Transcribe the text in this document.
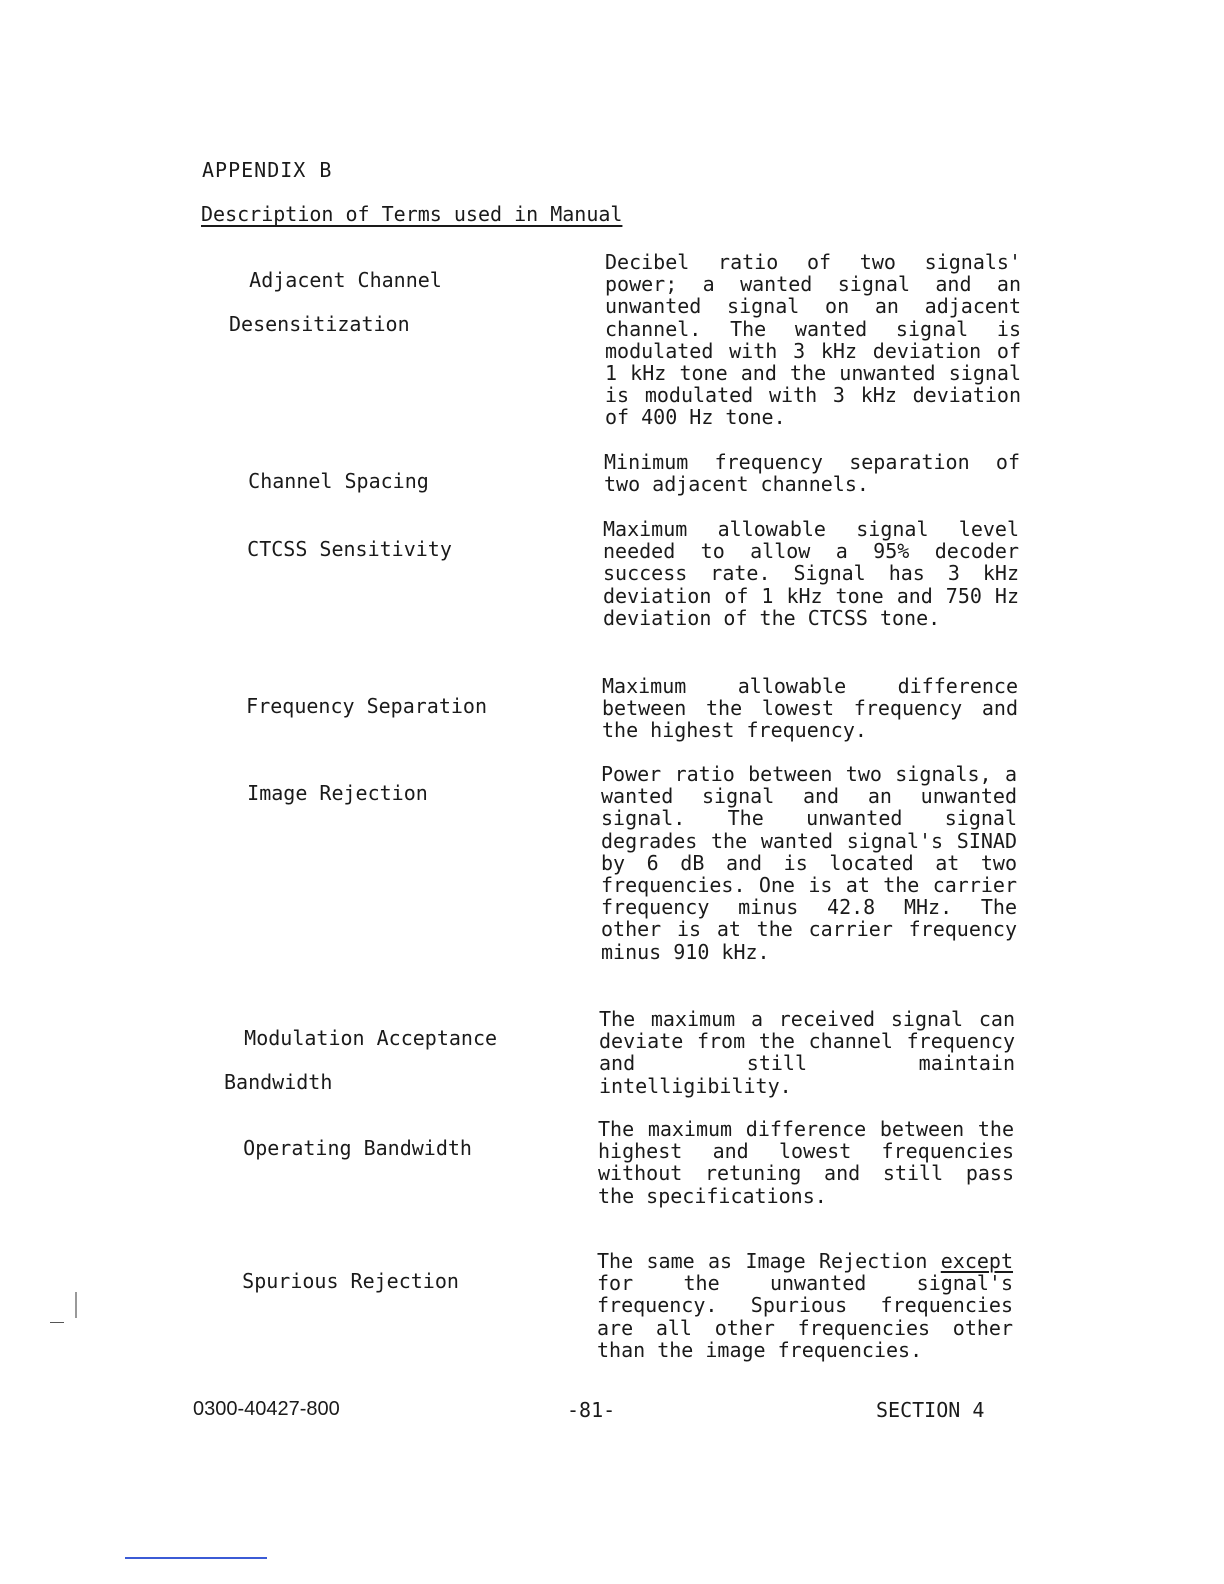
APPENDIX B
Description of Terms used in Manual

Adjacent Channel

Desensitization

Decibel ratio of two signals' power; a wanted signal and an unwanted signal on an adjacent channel. The wanted signal is modulated with 3 kHz deviation of 1 kHz tone and the unwanted signal is modulated with 3 kHz deviation of 400 Hz tone.

Channel Spacing

Minimum frequency separation of two adjacent channels.

CTCSS Sensitivity

Maximum allowable signal level needed to allow a 95% decoder success rate. Signal has 3 kHz deviation of 1 kHz tone and 750 Hz deviation of the CTCSS tone.

Frequency Separation

Maximum allowable difference between the lowest frequency and the highest frequency.

Image Rejection

Power ratio between two signals, a wanted signal and an unwanted signal. The unwanted signal degrades the wanted signal's SINAD by 6 dB and is located at two frequencies. One is at the carrier frequency minus 42.8 MHz. The other is at the carrier frequency minus 910 kHz.

Modulation Acceptance

Bandwidth

The maximum a received signal can deviate from the channel frequency and still maintain intelligibility.

Operating Bandwidth

The maximum difference between the highest and lowest frequencies without retuning and still pass the specifications.

Spurious Rejection

The same as Image Rejection except for the unwanted signal's frequency. Spurious frequencies are all other frequencies other than the image frequencies.
0300-40427-800	-81-	SECTION 4
